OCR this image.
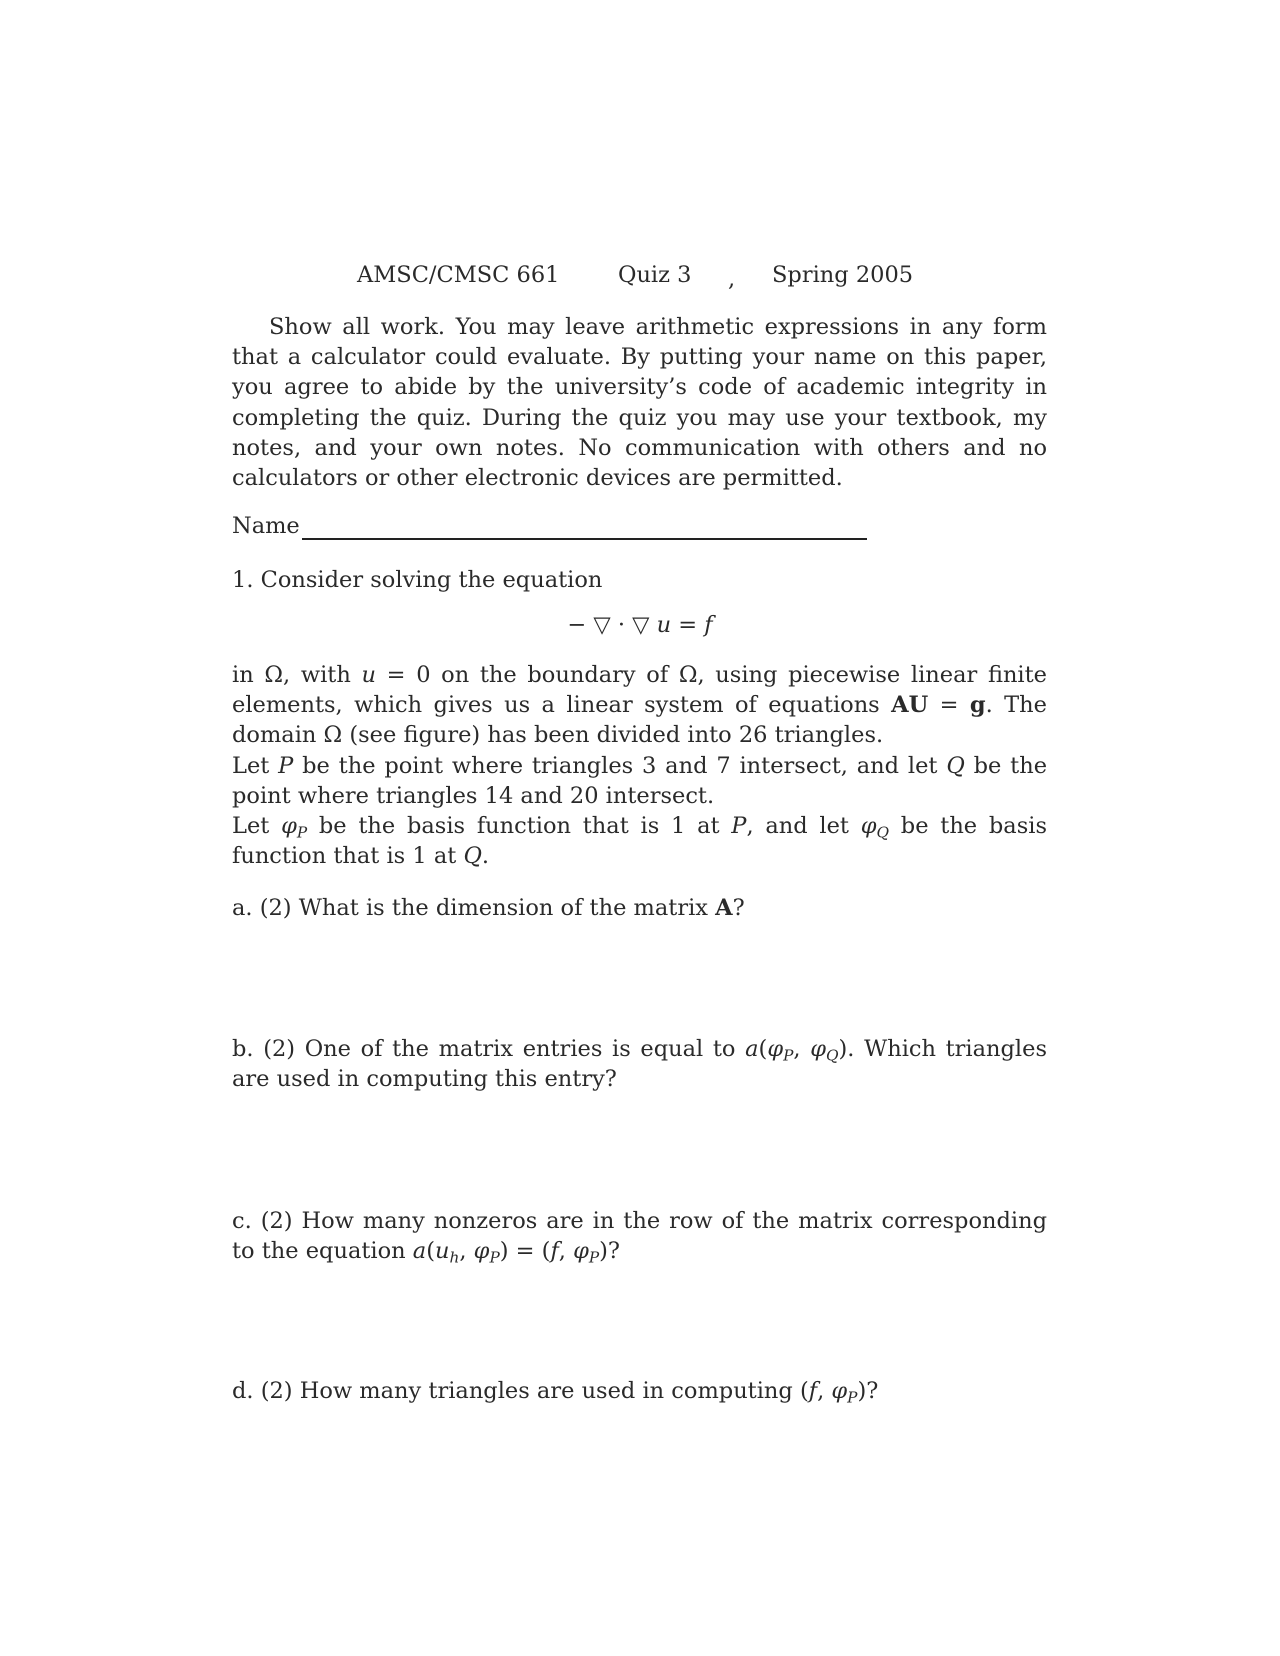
AMSC/CMSC 661	Quiz 3 , Spring 2005

Show all work. You may leave arithmetic expressions in any form that a calculator could evaluate. By putting your name on this paper, you agree to abide by the university’s code of academic integrity in completing the quiz. During the quiz you may use your textbook, my notes, and your own notes. No communication with others and no calculators or other electronic devices are permitted.

Name

1. Consider solving the equation

− ▽ · ▽ u = f

in Ω, with u = 0 on the boundary of Ω, using piecewise linear finite elements, which gives us a linear system of equations AU = g. The domain Ω (see figure) has been divided into 26 triangles.
Let P be the point where triangles 3 and 7 intersect, and let Q be the point where triangles 14 and 20 intersect.
Let $\varphi_P$ be the basis function that is 1 at P, and let $\varphi_Q$ be the basis function that is 1 at Q.

a. (2) What is the dimension of the matrix A?

b. (2) One of the matrix entries is equal to $a(\varphi_P$, $\varphi_Q$). Which triangles are used in computing this entry?

c. (2) How many nonzeros are in the row of the matrix corresponding to the equation $a(u_h$, $\varphi_P) = (f$, $\varphi_P$)?

d. (2) How many triangles are used in computing (f, $\varphi_P$)?
